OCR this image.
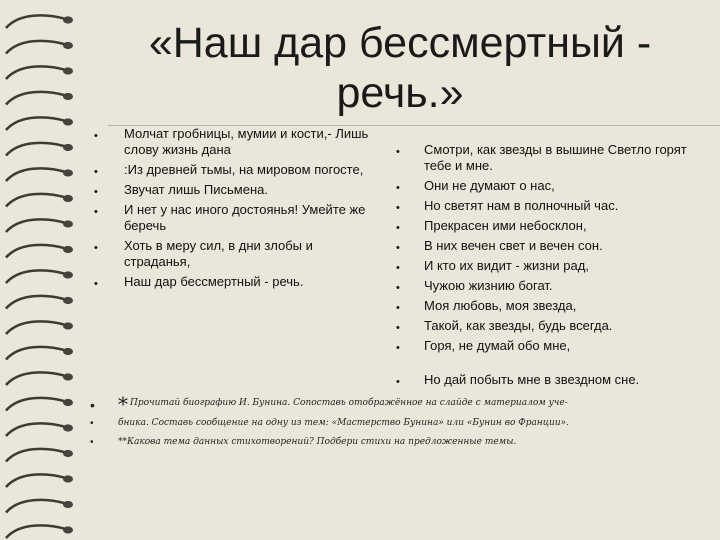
«Наш дар бессмертный - речь.»
• Молчат гробницы, мумии и кости,- Лишь слову жизнь дана
• :Из древней тьмы, на мировом погосте,
• Звучат лишь Письмена.
• И нет у нас иного достоянья! Умейте же беречь
• Хоть в меру сил, в дни злобы и страданья,
• Наш дар бессмертный - речь.
• Смотри, как звезды в вышине Светло горят тебе и мне.
• Они не думают о нас,
• Но светят нам в полночный час.
• Прекрасен ими небосклон,
• В них вечен свет и вечен сон.
• И кто их видит - жизни рад,
• Чужою жизнию богат.
• Моя любовь, моя звезда,
• Такой, как звезды, будь всегда.
• Горя, не думай обо мне,
• Но дай побыть мне в звездном сне.
• * Прочитай биографию И. Бунина. Сопоставь отображённое на слайде с материалом уче-
•	бника. Составь сообщение на одну из тем: «Мастерство Бунина» или «Бунин во Франции».
•	**Какова тема данных стихотворений? Подбери стихи на предложенные темы.
